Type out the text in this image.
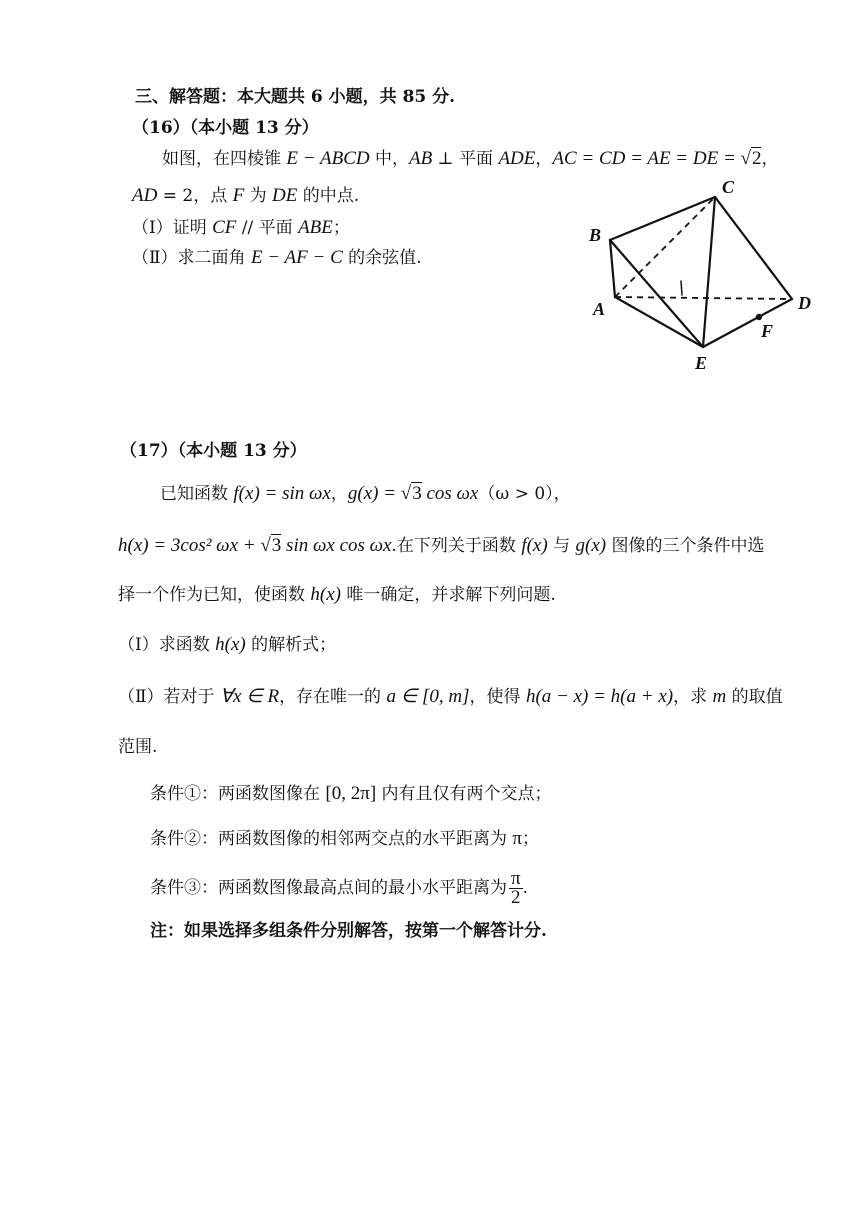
三、解答题：本大题共 6 小题，共 85 分.
（16）（本小题 13 分）
如图，在四棱锥 E − ABCD 中，AB ⊥ 平面 ADE，AC = CD = AE = DE = √2，
AD = 2，点 F 为 DE 的中点.
（Ⅰ）证明 CF // 平面 ABE；
（Ⅱ）求二面角 E − AF − C 的余弦值.
A
B
C
D
E
F
（17）（本小题 13 分）
已知函数 f(x) = sin ωx，g(x) = √3 cos ωx（ω > 0），
h(x) = 3cos² ωx + √3 sin ωx cos ωx.在下列关于函数 f(x) 与 g(x) 图像的三个条件中选
择一个作为已知，使函数 h(x) 唯一确定，并求解下列问题.
（Ⅰ）求函数 h(x) 的解析式；
（Ⅱ）若对于 ∀x ∈ R，存在唯一的 a ∈ [0, m]，使得 h(a − x) = h(a + x)，求 m 的取值
范围.
条件①：两函数图像在 [0, 2π] 内有且仅有两个交点；
条件②：两函数图像的相邻两交点的水平距离为 π；
条件③：两函数图像最高点间的最小水平距离为 $\frac{\pi}{2}$ .
注：如果选择多组条件分别解答，按第一个解答计分.
